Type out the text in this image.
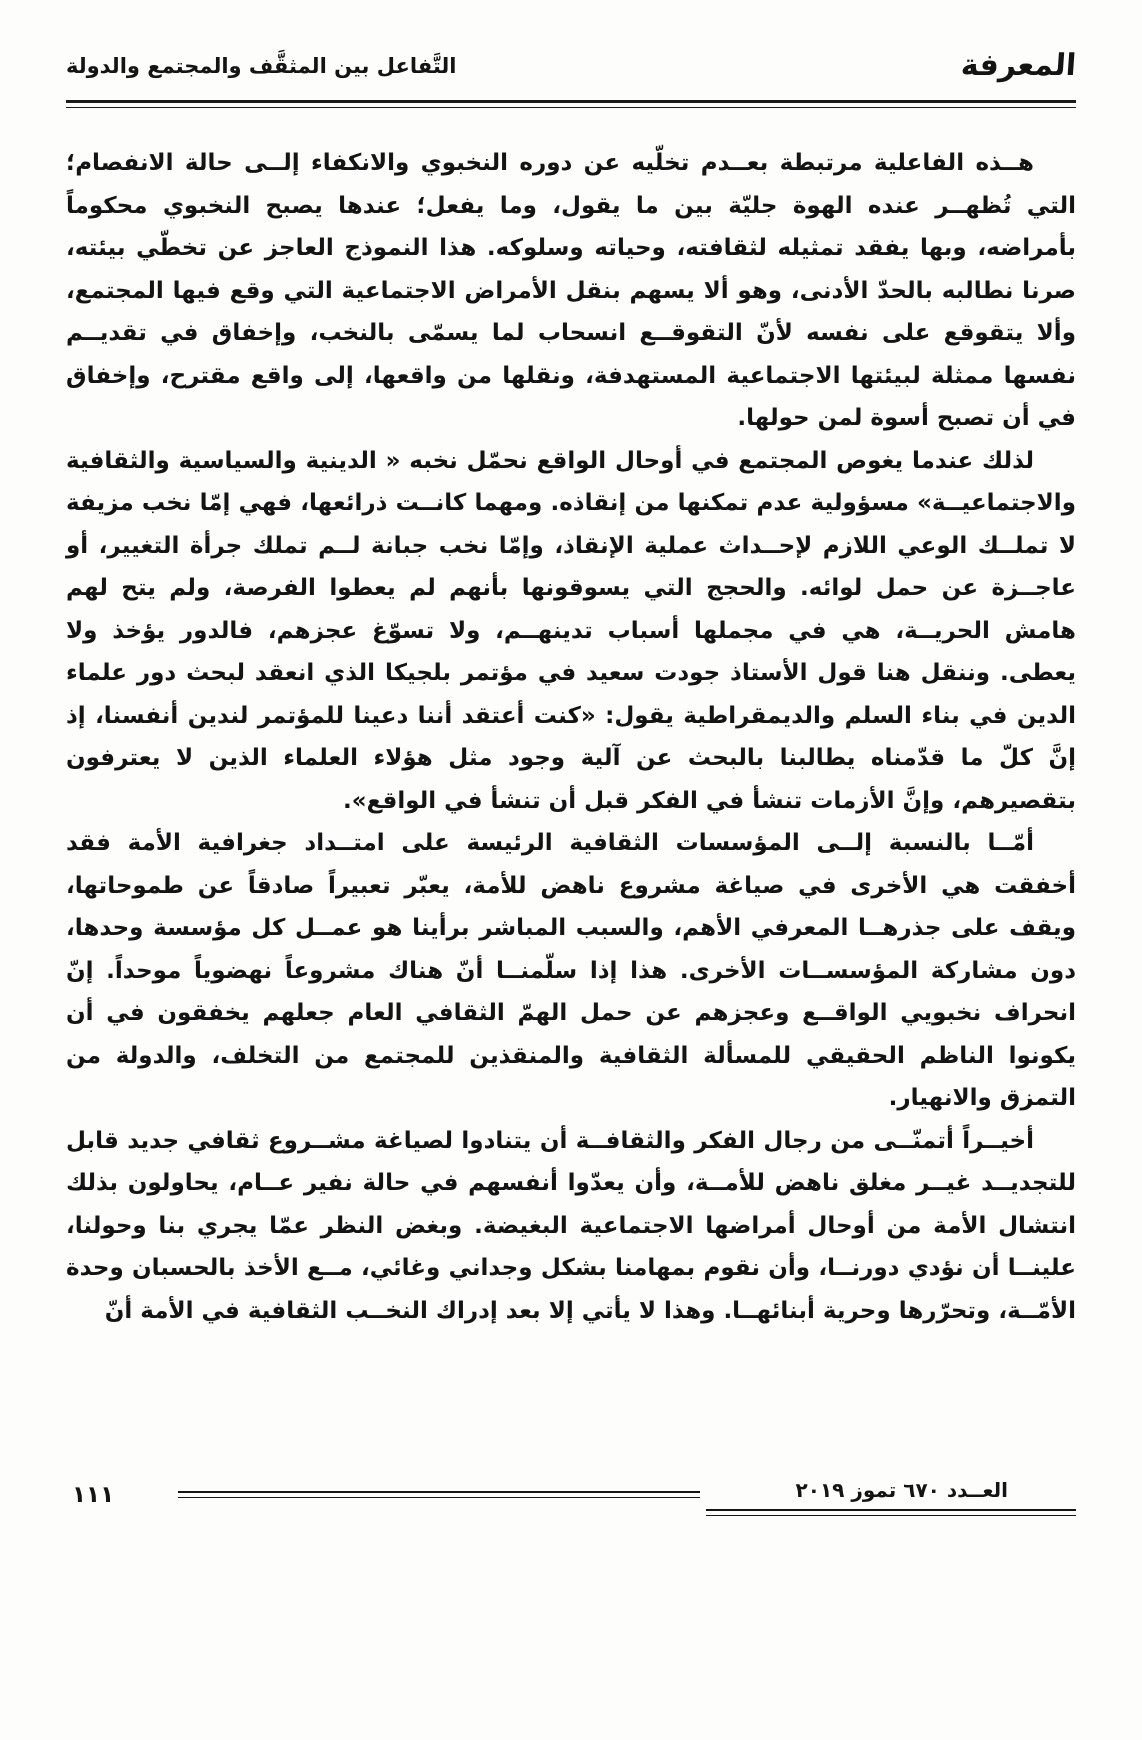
المعرفة
التَّفاعل بين المثقَّف والمجتمع والدولة

هــذه الفاعلية مرتبطة بعــدم تخلّيه عن دوره النخبوي والانكفاء إلــى حالة الانفصام؛ التي تُظهــر عنده الهوة جليّة بين ما يقول، وما يفعل؛ عندها يصبح النخبوي محكوماً بأمراضه، وبها يفقد تمثيله لثقافته، وحياته وسلوكه. هذا النموذج العاجز عن تخطّي بيئته، صرنا نطالبه بالحدّ الأدنى، وهو ألا يسهم بنقل الأمراض الاجتماعية التي وقع فيها المجتمع، وألا يتقوقع على نفسه لأنّ التقوقــع انسحاب لما يسمّى بالنخب، وإخفاق في تقديــم نفسها ممثلة لبيئتها الاجتماعية المستهدفة، ونقلها من واقعها، إلى واقع مقترح، وإخفاق في أن تصبح أسوة لمن حولها.

لذلك عندما يغوص المجتمع في أوحال الواقع نحمّل نخبه « الدينية والسياسية والثقافية والاجتماعيــة» مسؤولية عدم تمكنها من إنقاذه. ومهما كانــت ذرائعها، فهي إمّا نخب مزيفة لا تملــك الوعي اللازم لإحــداث عملية الإنقاذ، وإمّا نخب جبانة لــم تملك جرأة التغيير، أو عاجــزة عن حمل لوائه. والحجج التي يسوقونها بأنهم لم يعطوا الفرصة، ولم يتح لهم هامش الحريــة، هي في مجملها أسباب تدينهــم، ولا تسوّغ عجزهم، فالدور يؤخذ ولا يعطى. وننقل هنا قول الأستاذ جودت سعيد في مؤتمر بلجيكا الذي انعقد لبحث دور علماء الدين في بناء السلم والديمقراطية يقول: «كنت أعتقد أننا دعينا للمؤتمر لندين أنفسنا، إذ إنَّ كلّ ما قدّمناه يطالبنا بالبحث عن آلية وجود مثل هؤلاء العلماء الذين لا يعترفون بتقصيرهم، وإنَّ الأزمات تنشأ في الفكر قبل أن تنشأ في الواقع».

أمّــا بالنسبة إلــى المؤسسات الثقافية الرئيسة على امتــداد جغرافية الأمة فقد أخفقت هي الأخرى في صياغة مشروع ناهض للأمة، يعبّر تعبيراً صادقاً عن طموحاتها، ويقف على جذرهــا المعرفي الأهم، والسبب المباشر برأينا هو عمــل كل مؤسسة وحدها، دون مشاركة المؤسســات الأخرى. هذا إذا سلّمنــا أنّ هناك مشروعاً نهضوياً موحداً. إنّ انحراف نخبويي الواقــع وعجزهم عن حمل الهمّ الثقافي العام جعلهم يخفقون في أن يكونوا الناظم الحقيقي للمسألة الثقافية والمنقذين للمجتمع من التخلف، والدولة من التمزق والانهيار.

أخيــراً أتمنّــى من رجال الفكر والثقافــة أن يتنادوا لصياغة مشــروع ثقافي جديد قابل للتجديــد غيــر مغلق ناهض للأمــة، وأن يعدّوا أنفسهم في حالة نفير عــام، يحاولون بذلك انتشال الأمة من أوحال أمراضها الاجتماعية البغيضة. وبغض النظر عمّا يجري بنا وحولنا، علينــا أن نؤدي دورنــا، وأن نقوم بمهامنا بشكل وجداني وغائي، مــع الأخذ بالحسبان وحدة الأمّــة، وتحرّرها وحرية أبنائهــا. وهذا لا يأتي إلا بعد إدراك النخــب الثقافية في الأمة أنّ

١١١	العــدد ٦٧٠ تموز ٢٠١٩
